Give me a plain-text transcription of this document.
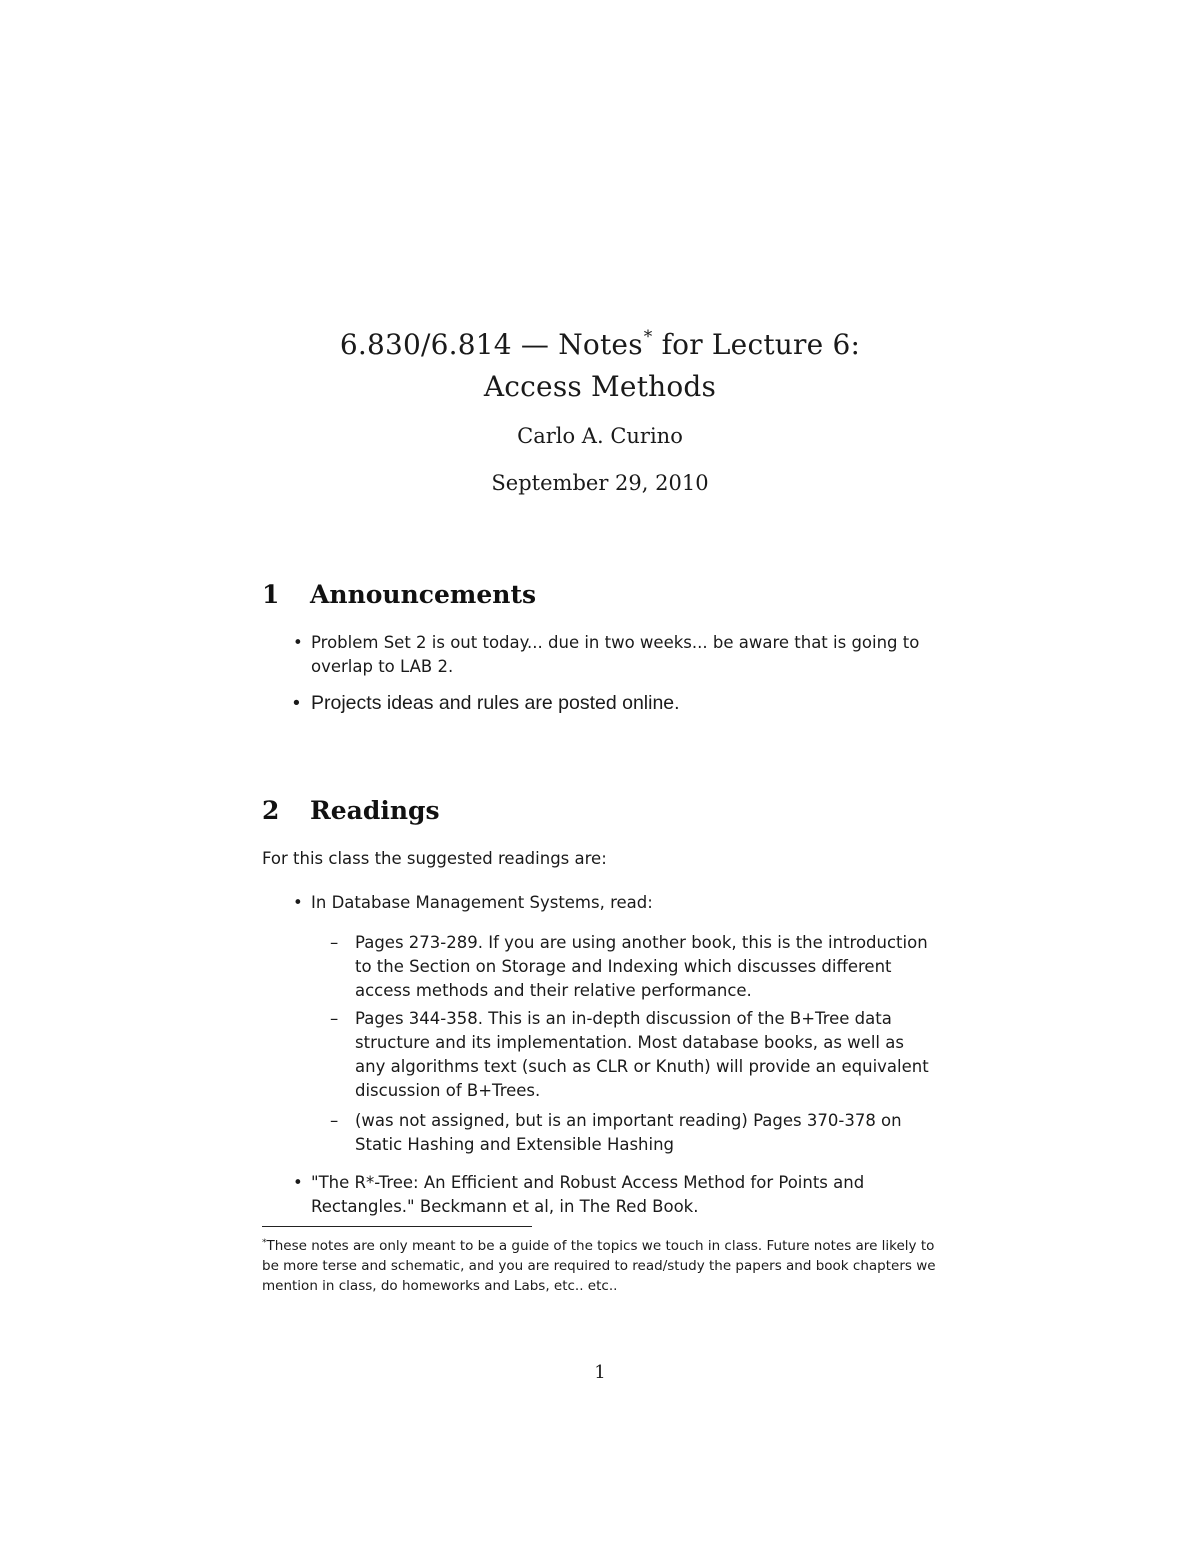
6.830/6.814 — Notes* for Lecture 6:
Access Methods
Carlo A. Curino
September 29, 2010
1 Announcements
• Problem Set 2 is out today... due in two weeks... be aware that is going to overlap to LAB 2.
• Projects ideas and rules are posted online.
2 Readings
For this class the suggested readings are:
• In Database Management Systems, read:
– Pages 273-289. If you are using another book, this is the introduction to the Section on Storage and Indexing which discusses different access methods and their relative performance.
– Pages 344-358. This is an in-depth discussion of the B+Tree data structure and its implementation. Most database books, as well as any algorithms text (such as CLR or Knuth) will provide an equivalent discussion of B+Trees.
– (was not assigned, but is an important reading) Pages 370-378 on Static Hashing and Extensible Hashing
• "The R*-Tree: An Efficient and Robust Access Method for Points and Rectangles." Beckmann et al, in The Red Book.
*These notes are only meant to be a guide of the topics we touch in class. Future notes are likely to be more terse and schematic, and you are required to read/study the papers and book chapters we mention in class, do homeworks and Labs, etc.. etc..
1
